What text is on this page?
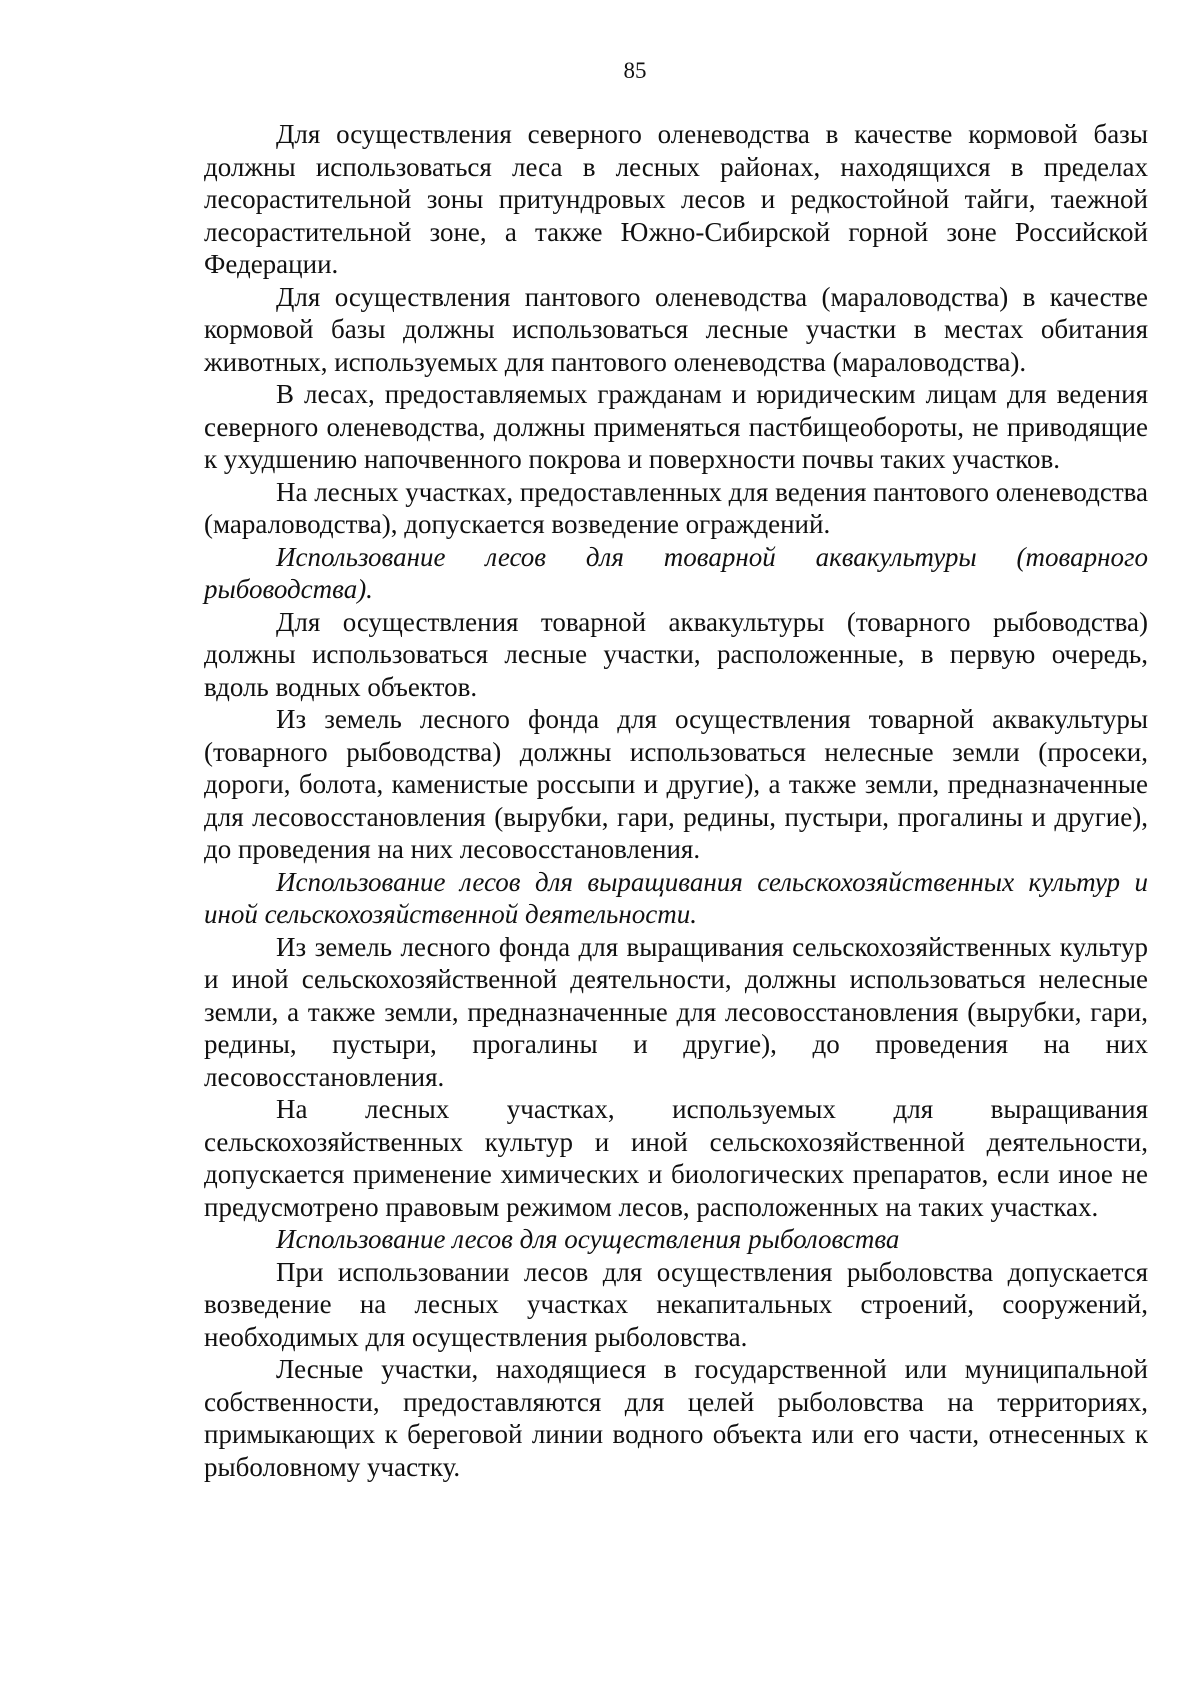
85

Для осуществления северного оленеводства в качестве кормовой базы должны использоваться леса в лесных районах, находящихся в пределах лесорастительной зоны притундровых лесов и редкостойной тайги, таежной лесорастительной зоне, а также Южно-Сибирской горной зоне Российской Федерации.

Для осуществления пантового оленеводства (мараловодства) в качестве кормовой базы должны использоваться лесные участки в местах обитания животных, используемых для пантового оленеводства (мараловодства).

В лесах, предоставляемых гражданам и юридическим лицам для ведения северного оленеводства, должны применяться пастбищеобороты, не приводящие к ухудшению напочвенного покрова и поверхности почвы таких участков.

На лесных участках, предоставленных для ведения пантового оленеводства (мараловодства), допускается возведение ограждений.

Использование лесов для товарной аквакультуры (товарного рыбоводства).

Для осуществления товарной аквакультуры (товарного рыбоводства) должны использоваться лесные участки, расположенные, в первую очередь, вдоль водных объектов.

Из земель лесного фонда для осуществления товарной аквакультуры (товарного рыбоводства) должны использоваться нелесные земли (просеки, дороги, болота, каменистые россыпи и другие), а также земли, предназначенные для лесовосстановления (вырубки, гари, редины, пустыри, прогалины и другие), до проведения на них лесовосстановления.

Использование лесов для выращивания сельскохозяйственных культур и иной сельскохозяйственной деятельности.

Из земель лесного фонда для выращивания сельскохозяйственных культур и иной сельскохозяйственной деятельности, должны использоваться нелесные земли, а также земли, предназначенные для лесовосстановления (вырубки, гари, редины, пустыри, прогалины и другие), до проведения на них лесовосстановления.

На лесных участках, используемых для выращивания сельскохозяйственных культур и иной сельскохозяйственной деятельности, допускается применение химических и биологических препаратов, если иное не предусмотрено правовым режимом лесов, расположенных на таких участках.

Использование лесов для осуществления рыболовства

При использовании лесов для осуществления рыболовства допускается возведение на лесных участках некапитальных строений, сооружений, необходимых для осуществления рыболовства.

Лесные участки, находящиеся в государственной или муниципальной собственности, предоставляются для целей рыболовства на территориях, примыкающих к береговой линии водного объекта или его части, отнесенных к рыболовному участку.
